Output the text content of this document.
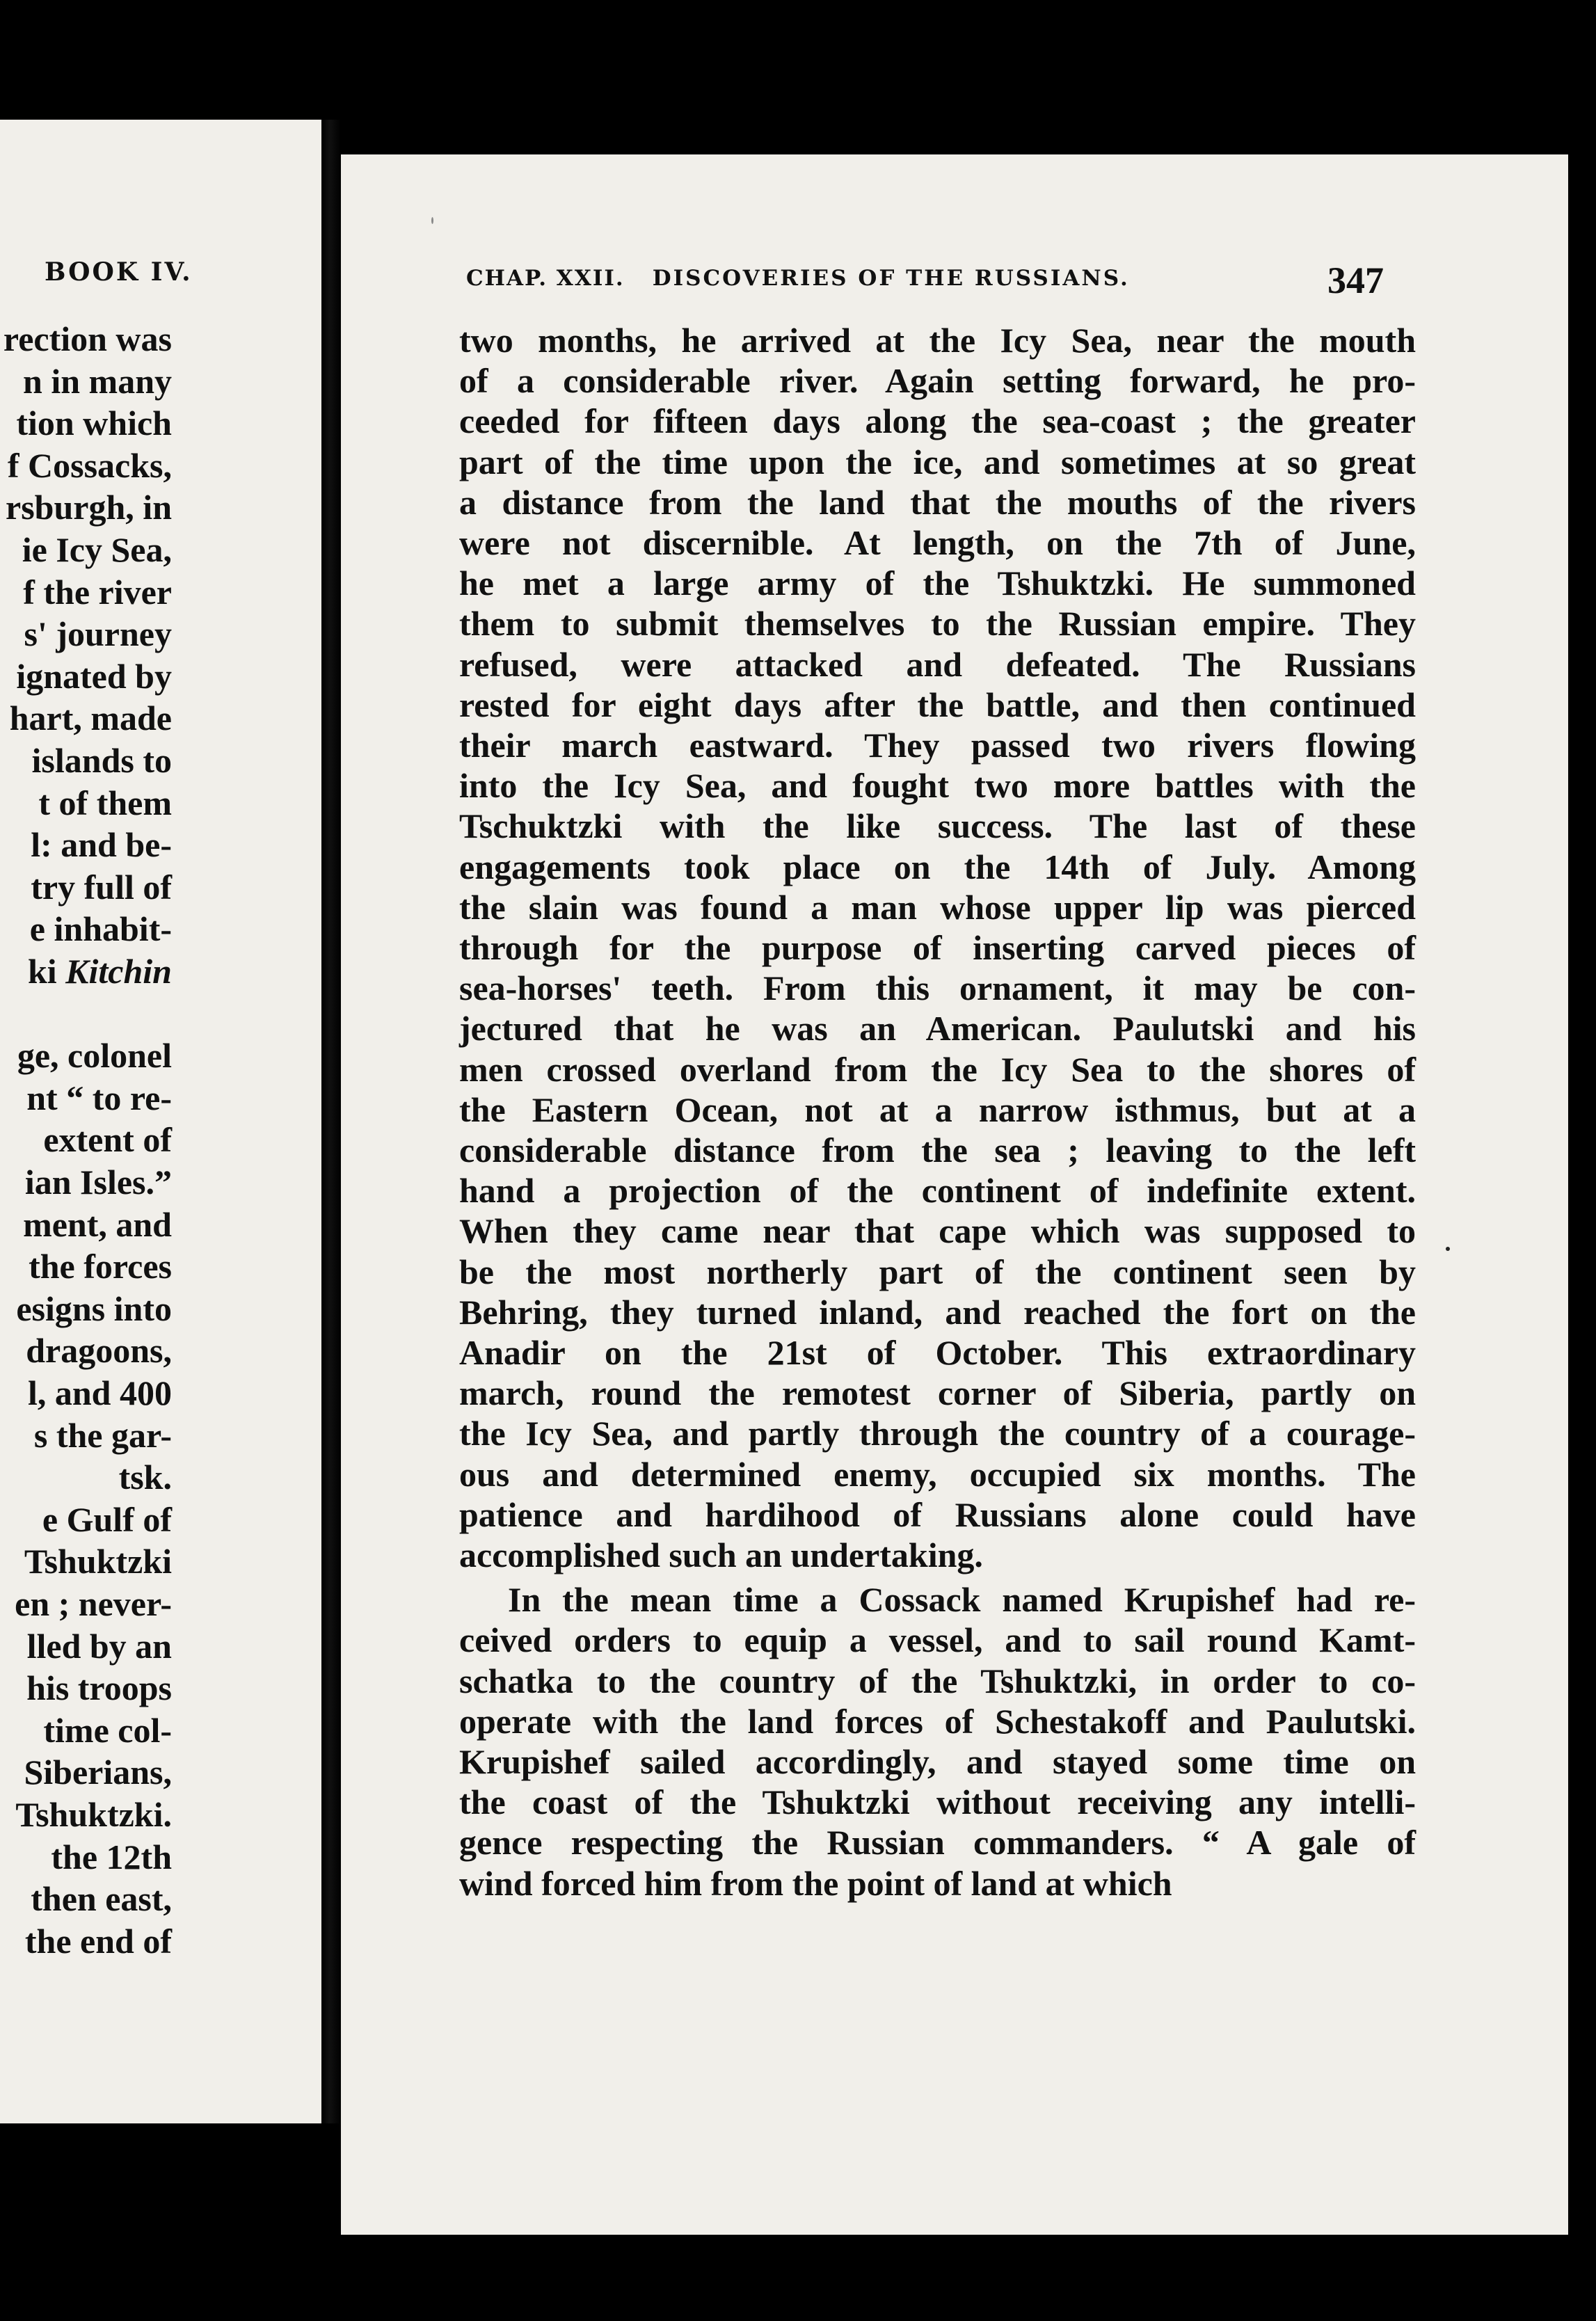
BOOK IV.
rection was
n in many
tion which
f Cossacks,
rsburgh, in
ie Icy Sea,
f the river
s' journey
ignated by
hart, made
islands to
t of them
l: and be-
try full of
e inhabit-
ki Kitchin
ge, colonel
nt “ to re-
extent of
ian Isles.”
ment, and
the forces
esigns into
dragoons,
l, and 400
s the gar-
tsk.
e Gulf of
Tshuktzki
en ; never-
lled by an
his troops
time col-
Siberians,
Tshuktzki.
the 12th
then east,
the end of
CHAP. XXII. DISCOVERIES OF THE RUSSIANS.	347
two months, he arrived at the Icy Sea, near the mouth
of a considerable river. Again setting forward, he pro-
ceeded for fifteen days along the sea-coast ; the greater
part of the time upon the ice, and sometimes at so great
a distance from the land that the mouths of the rivers
were not discernible. At length, on the 7th of June,
he met a large army of the Tshuktzki. He summoned
them to submit themselves to the Russian empire. They
refused, were attacked and defeated. The Russians
rested for eight days after the battle, and then continued
their march eastward. They passed two rivers flowing
into the Icy Sea, and fought two more battles with the
Tschuktzki with the like success. The last of these
engagements took place on the 14th of July. Among
the slain was found a man whose upper lip was pierced
through for the purpose of inserting carved pieces of
sea-horses' teeth. From this ornament, it may be con-
jectured that he was an American. Paulutski and his
men crossed overland from the Icy Sea to the shores of
the Eastern Ocean, not at a narrow isthmus, but at a
considerable distance from the sea ; leaving to the left
hand a projection of the continent of indefinite extent.
When they came near that cape which was supposed to
be the most northerly part of the continent seen by
Behring, they turned inland, and reached the fort on the
Anadir on the 21st of October. This extraordinary
march, round the remotest corner of Siberia, partly on
the Icy Sea, and partly through the country of a courage-
ous and determined enemy, occupied six months. The
patience and hardihood of Russians alone could have
accomplished such an undertaking.
In the mean time a Cossack named Krupishef had re-
ceived orders to equip a vessel, and to sail round Kamt-
schatka to the country of the Tshuktzki, in order to co-
operate with the land forces of Schestakoff and Paulutski.
Krupishef sailed accordingly, and stayed some time on
the coast of the Tshuktzki without receiving any intelli-
gence respecting the Russian commanders. “ A gale of
wind forced him from the point of land at which
